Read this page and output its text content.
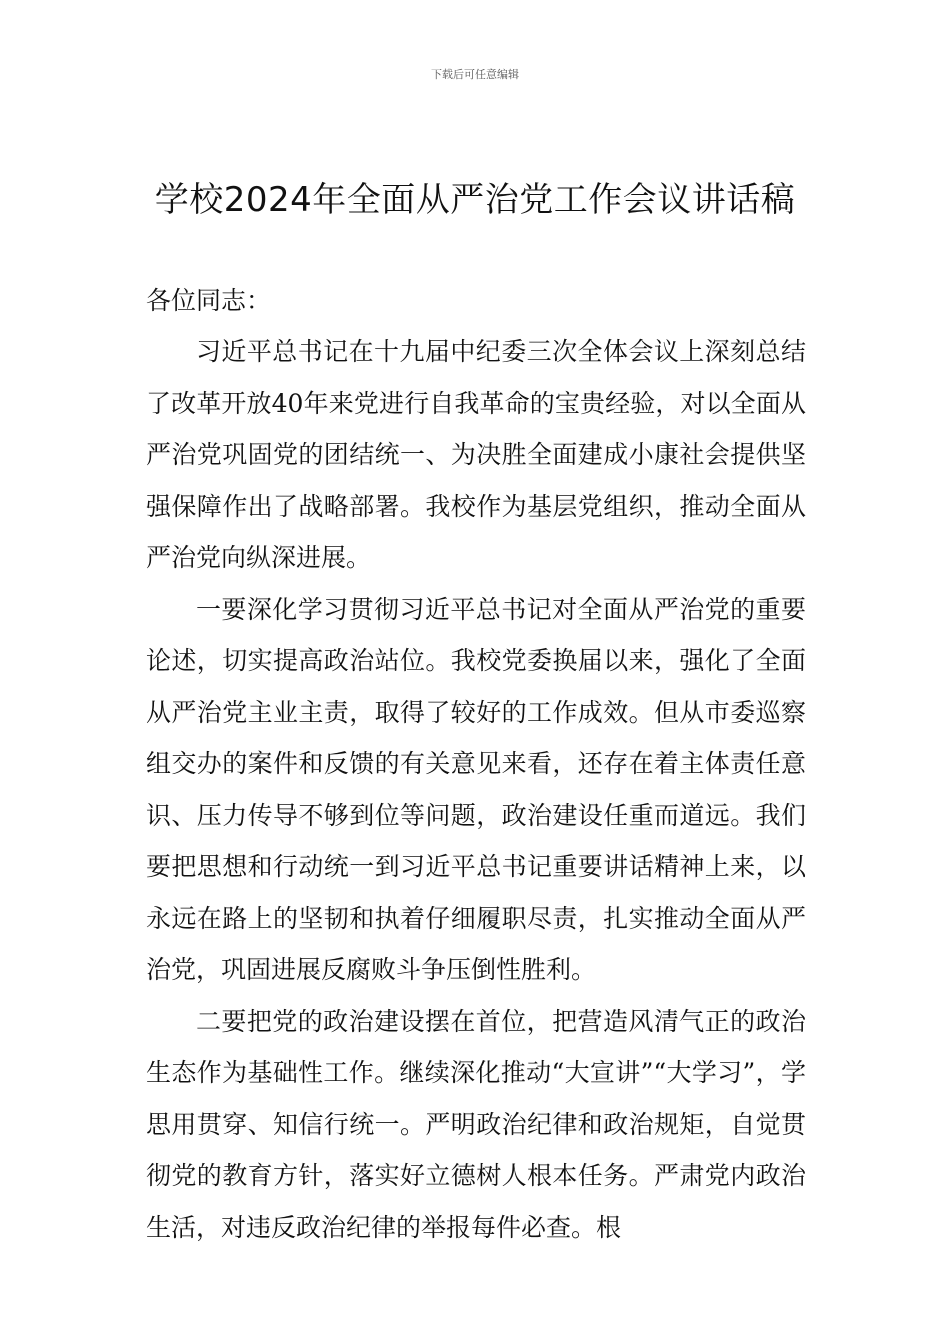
下载后可任意编辑
学校2024年全面从严治党工作会议讲话稿
各位同志：

习近平总书记在十九届中纪委三次全体会议上深刻总结了改革开放40年来党进行自我革命的宝贵经验，对以全面从严治党巩固党的团结统一、为决胜全面建成小康社会提供坚强保障作出了战略部署。我校作为基层党组织，推动全面从严治党向纵深进展。

一要深化学习贯彻习近平总书记对全面从严治党的重要论述，切实提高政治站位。我校党委换届以来，强化了全面从严治党主业主责，取得了较好的工作成效。但从市委巡察组交办的案件和反馈的有关意见来看，还存在着主体责任意识、压力传导不够到位等问题，政治建设任重而道远。我们要把思想和行动统一到习近平总书记重要讲话精神上来，以永远在路上的坚韧和执着仔细履职尽责，扎实推动全面从严治党，巩固进展反腐败斗争压倒性胜利。

二要把党的政治建设摆在首位，把营造风清气正的政治生态作为基础性工作。继续深化推动“大宣讲”“大学习”，学思用贯穿、知信行统一。严明政治纪律和政治规矩，自觉贯彻党的教育方针，落实好立德树人根本任务。严肃党内政治生活，对违反政治纪律的举报每件必查。根
